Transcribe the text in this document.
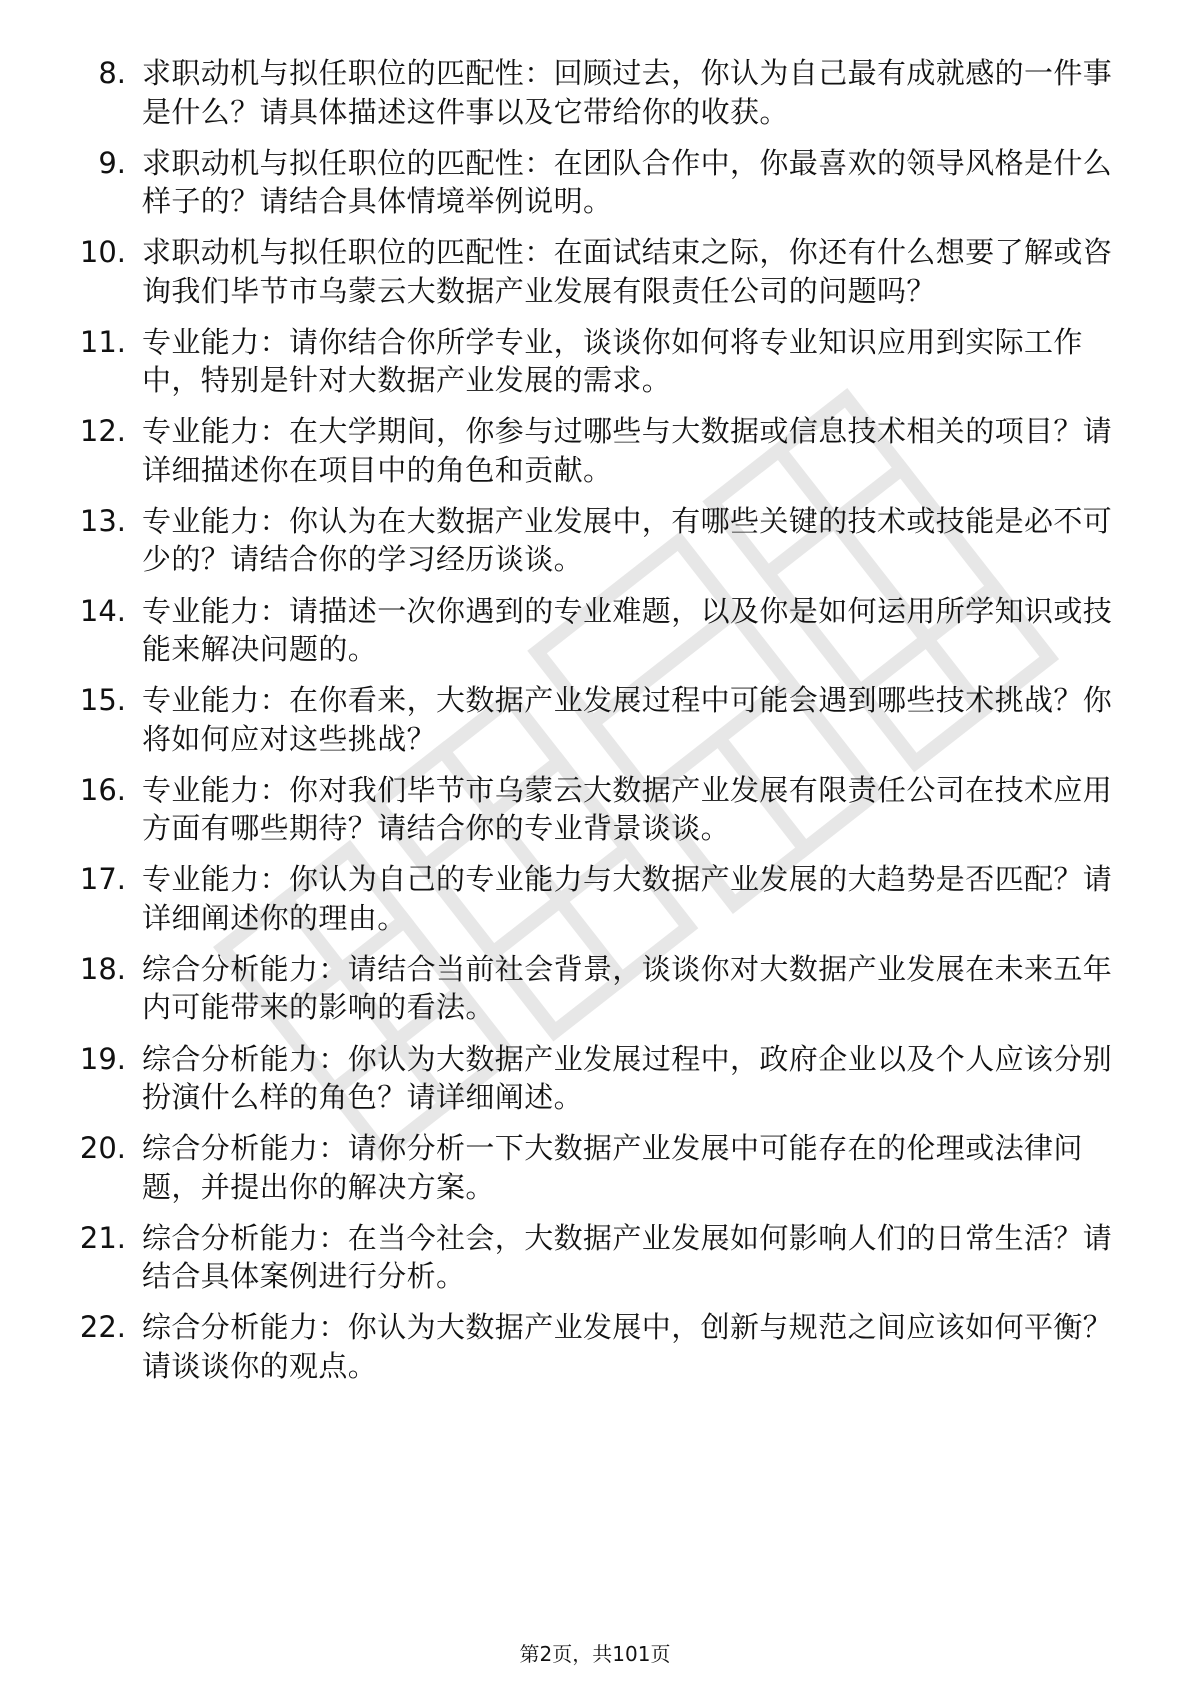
8. 求职动机与拟任职位的匹配性：回顾过去，你认为自己最有成就感的一件事是什么？请具体描述这件事以及它带给你的收获。
9. 求职动机与拟任职位的匹配性：在团队合作中，你最喜欢的领导风格是什么样子的？请结合具体情境举例说明。
10. 求职动机与拟任职位的匹配性：在面试结束之际，你还有什么想要了解或咨询我们毕节市乌蒙云大数据产业发展有限责任公司的问题吗？
11. 专业能力：请你结合你所学专业，谈谈你如何将专业知识应用到实际工作中，特别是针对大数据产业发展的需求。
12. 专业能力：在大学期间，你参与过哪些与大数据或信息技术相关的项目？请详细描述你在项目中的角色和贡献。
13. 专业能力：你认为在大数据产业发展中，有哪些关键的技术或技能是必不可少的？请结合你的学习经历谈谈。
14. 专业能力：请描述一次你遇到的专业难题，以及你是如何运用所学知识或技能来解决问题的。
15. 专业能力：在你看来，大数据产业发展过程中可能会遇到哪些技术挑战？你将如何应对这些挑战？
16. 专业能力：你对我们毕节市乌蒙云大数据产业发展有限责任公司在技术应用方面有哪些期待？请结合你的专业背景谈谈。
17. 专业能力：你认为自己的专业能力与大数据产业发展的大趋势是否匹配？请详细阐述你的理由。
18. 综合分析能力：请结合当前社会背景，谈谈你对大数据产业发展在未来五年内可能带来的影响的看法。
19. 综合分析能力：你认为大数据产业发展过程中，政府企业以及个人应该分别扮演什么样的角色？请详细阐述。
20. 综合分析能力：请你分析一下大数据产业发展中可能存在的伦理或法律问题，并提出你的解决方案。
21. 综合分析能力：在当今社会，大数据产业发展如何影响人们的日常生活？请结合具体案例进行分析。
22. 综合分析能力：你认为大数据产业发展中，创新与规范之间应该如何平衡？请谈谈你的观点。
第2页，共101页
